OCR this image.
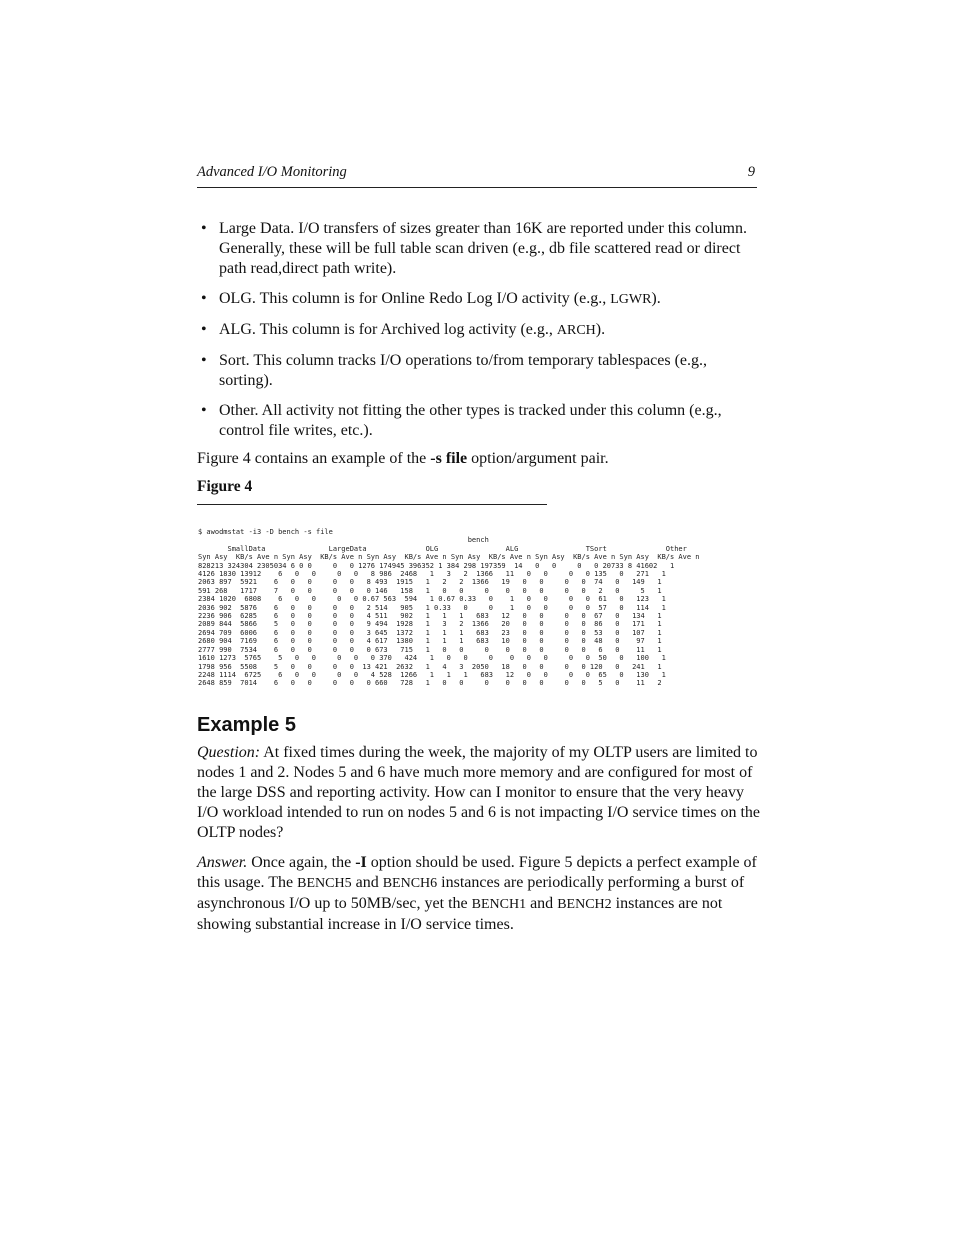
Advanced I/O Monitoring	9
• Large Data. I/O transfers of sizes greater than 16K are reported under this column. Generally, these will be full table scan driven (e.g., db file scattered read or direct path read,direct path write).
• OLG. This column is for Online Redo Log I/O activity (e.g., LGWR).
• ALG. This column is for Archived log activity (e.g., ARCH).
• Sort. This column tracks I/O operations to/from temporary tablespaces (e.g., sorting).
• Other. All activity not fitting the other types is tracked under this column (e.g., control file writes, etc.).

Figure 4 contains an example of the -s file option/argument pair.

Figure 4
$ awodmstat -i3 -D bench -s file
bench
SmallData               LargeData              OLG                ALG                TSort              Other
Syn Asy  KB/s Ave n Syn Asy  KB/s Ave n Syn Asy  KB/s Ave n Syn Asy  KB/s Ave n Syn Asy  KB/s Ave n Syn Asy  KB/s Ave n
828213 324304 2305034 6 0 0     0   0 1276 174945 396352 1 384 298 197359  14   0   0     0   0 20733 8 41602   1
4126 1830 13912    6   0   0     0   0   8 986  2468   1   3   2  1366   11   0   0     0   0 135   0   271   1
2063 897  5921    6   0   0     0   0   8 493  1915   1   2   2  1366   19   0   0     0   0  74   0   149   1
591 268   1717    7   0   0     0   0   0 146   158   1   0   0     0    0   0   0     0   0   2   0     5   1
2384 1020  6808    6   0   0     0   0 0.67 563  594   1 0.67 0.33   0    1   0   0     0   0  61   0   123   1
2036 902  5876    6   0   0     0   0   2 514   905   1 0.33   0     0    1   0   0     0   0  57   0   114   1
2236 906  6285    6   0   0     0   0   4 511   902   1   1   1   683   12   0   0     0   0  67   0   134   1
2089 844  5866    5   0   0     0   0   9 494  1928   1   3   2  1366   20   0   0     0   0  86   0   171   1
2694 709  6006    6   0   0     0   0   3 645  1372   1   1   1   683   23   0   0     0   0  53   0   107   1
2680 904  7169    6   0   0     0   0   4 617  1380   1   1   1   683   10   0   0     0   0  48   0    97   1
2777 990  7534    6   0   0     0   0   0 673   715   1   0   0     0    0   0   0     0   0   6   0    11   1
1610 1273  5765    5   0   0     0   0   0 370   424   1   0   0     0    0   0   0     0   0  50   0   100   1
1798 956  5508    5   0   0     0   0  13 421  2632   1   4   3  2050   18   0   0     0   0 120   0   241   1
2248 1114  6725    6   0   0     0   0   4 528  1266   1   1   1   683   12   0   0     0   0  65   0   130   1
2648 859  7014    6   0   0     0   0   0 660   728   1   0   0     0    0   0   0     0   0   5   0    11   2

Example 5

Question: At fixed times during the week, the majority of my OLTP users are limited to nodes 1 and 2. Nodes 5 and 6 have much more memory and are configured for most of the large DSS and reporting activity. How can I monitor to ensure that the very heavy I/O workload intended to run on nodes 5 and 6 is not impacting I/O service times on the OLTP nodes?

Answer. Once again, the -I option should be used. Figure 5 depicts a perfect example of this usage. The BENCH5 and BENCH6 instances are periodically performing a burst of asynchronous I/O up to 50MB/sec, yet the BENCH1 and BENCH2 instances are not showing substantial increase in I/O service times.
